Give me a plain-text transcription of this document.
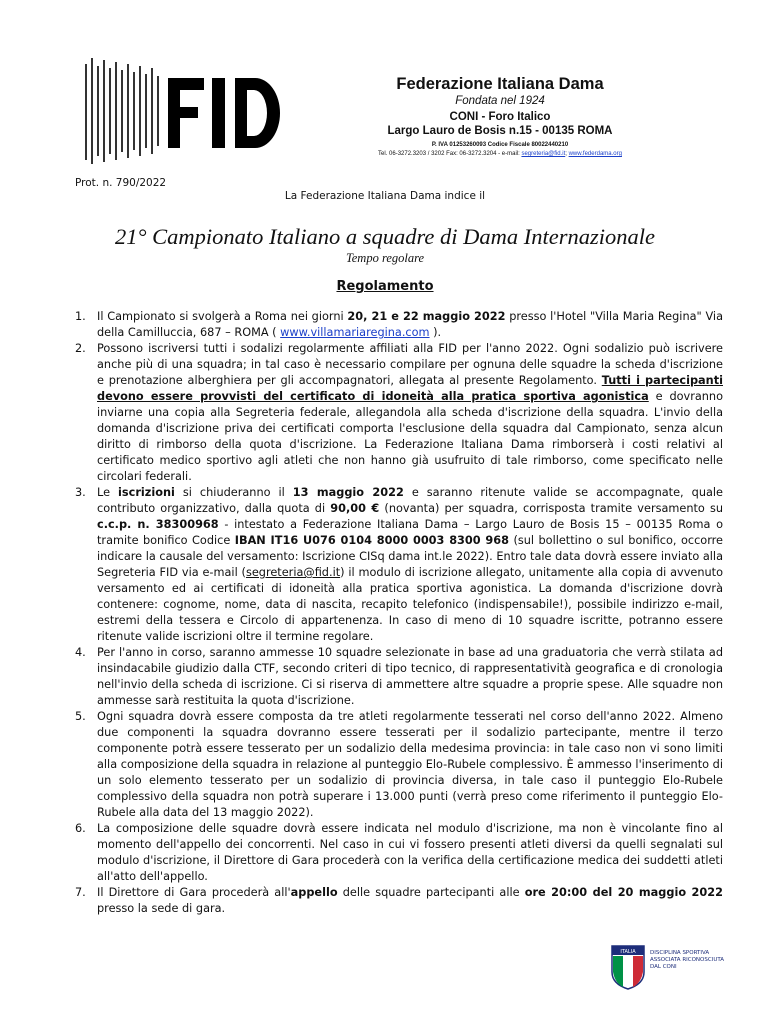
Federazione Italiana Dama
Fondata nel 1924
CONI - Foro Italico
Largo Lauro de Bosis n.15 - 00135 ROMA
P. IVA 01253260093 Codice Fiscale 80022440210
Tel. 06-3272.3203 / 3202 Fax: 06-3272.3204 - e-mail: segreteria@fid.it; www.federdama.org
Prot. n. 790/2022
La Federazione Italiana Dama indice il
21° Campionato Italiano a squadre di Dama Internazionale
Tempo regolare
Regolamento
1. Il Campionato si svolgerà a Roma nei giorni 20, 21 e 22 maggio 2022 presso l'Hotel "Villa Maria Regina" Via della Camilluccia, 687 – ROMA ( www.villamariaregina.com ).
2. Possono iscriversi tutti i sodalizi regolarmente affiliati alla FID per l'anno 2022. Ogni sodalizio può iscrivere anche più di una squadra; in tal caso è necessario compilare per ognuna delle squadre la scheda d'iscrizione e prenotazione alberghiera per gli accompagnatori, allegata al presente Regolamento. Tutti i partecipanti devono essere provvisti del certificato di idoneità alla pratica sportiva agonistica e dovranno inviarne una copia alla Segreteria federale, allegandola alla scheda d'iscrizione della squadra. L'invio della domanda d'iscrizione priva dei certificati comporta l'esclusione della squadra dal Campionato, senza alcun diritto di rimborso della quota d'iscrizione. La Federazione Italiana Dama rimborserà i costi relativi al certificato medico sportivo agli atleti che non hanno già usufruito di tale rimborso, come specificato nelle circolari federali.
3. Le iscrizioni si chiuderanno il 13 maggio 2022 e saranno ritenute valide se accompagnate, quale contributo organizzativo, dalla quota di 90,00 € (novanta) per squadra, corrisposta tramite versamento su c.c.p. n. 38300968 - intestato a Federazione Italiana Dama – Largo Lauro de Bosis 15 – 00135 Roma o tramite bonifico Codice IBAN IT16 U076 0104 8000 0003 8300 968 (sul bollettino o sul bonifico, occorre indicare la causale del versamento: Iscrizione CISq dama int.le 2022). Entro tale data dovrà essere inviato alla Segreteria FID via e-mail (segreteria@fid.it) il modulo di iscrizione allegato, unitamente alla copia di avvenuto versamento ed ai certificati di idoneità alla pratica sportiva agonistica. La domanda d'iscrizione dovrà contenere: cognome, nome, data di nascita, recapito telefonico (indispensabile!), possibile indirizzo e-mail, estremi della tessera e Circolo di appartenenza. In caso di meno di 10 squadre iscritte, potranno essere ritenute valide iscrizioni oltre il termine regolare.
4. Per l'anno in corso, saranno ammesse 10 squadre selezionate in base ad una graduatoria che verrà stilata ad insindacabile giudizio dalla CTF, secondo criteri di tipo tecnico, di rappresentatività geografica e di cronologia nell'invio della scheda di iscrizione. Ci si riserva di ammettere altre squadre a proprie spese. Alle squadre non ammesse sarà restituita la quota d'iscrizione.
5. Ogni squadra dovrà essere composta da tre atleti regolarmente tesserati nel corso dell'anno 2022. Almeno due componenti la squadra dovranno essere tesserati per il sodalizio partecipante, mentre il terzo componente potrà essere tesserato per un sodalizio della medesima provincia: in tale caso non vi sono limiti alla composizione della squadra in relazione al punteggio Elo-Rubele complessivo. È ammesso l'inserimento di un solo elemento tesserato per un sodalizio di provincia diversa, in tale caso il punteggio Elo-Rubele complessivo della squadra non potrà superare i 13.000 punti (verrà preso come riferimento il punteggio Elo-Rubele alla data del 13 maggio 2022).
6. La composizione delle squadre dovrà essere indicata nel modulo d'iscrizione, ma non è vincolante fino al momento dell'appello dei concorrenti. Nel caso in cui vi fossero presenti atleti diversi da quelli segnalati sul modulo d'iscrizione, il Direttore di Gara procederà con la verifica della certificazione medica dei suddetti atleti all'atto dell'appello.
7. Il Direttore di Gara procederà all'appello delle squadre partecipanti alle ore 20:00 del 20 maggio 2022 presso la sede di gara.
ITALIA	DISCIPLINA SPORTIVA
ASSOCIATA RICONOSCIUTA
DAL CONI
